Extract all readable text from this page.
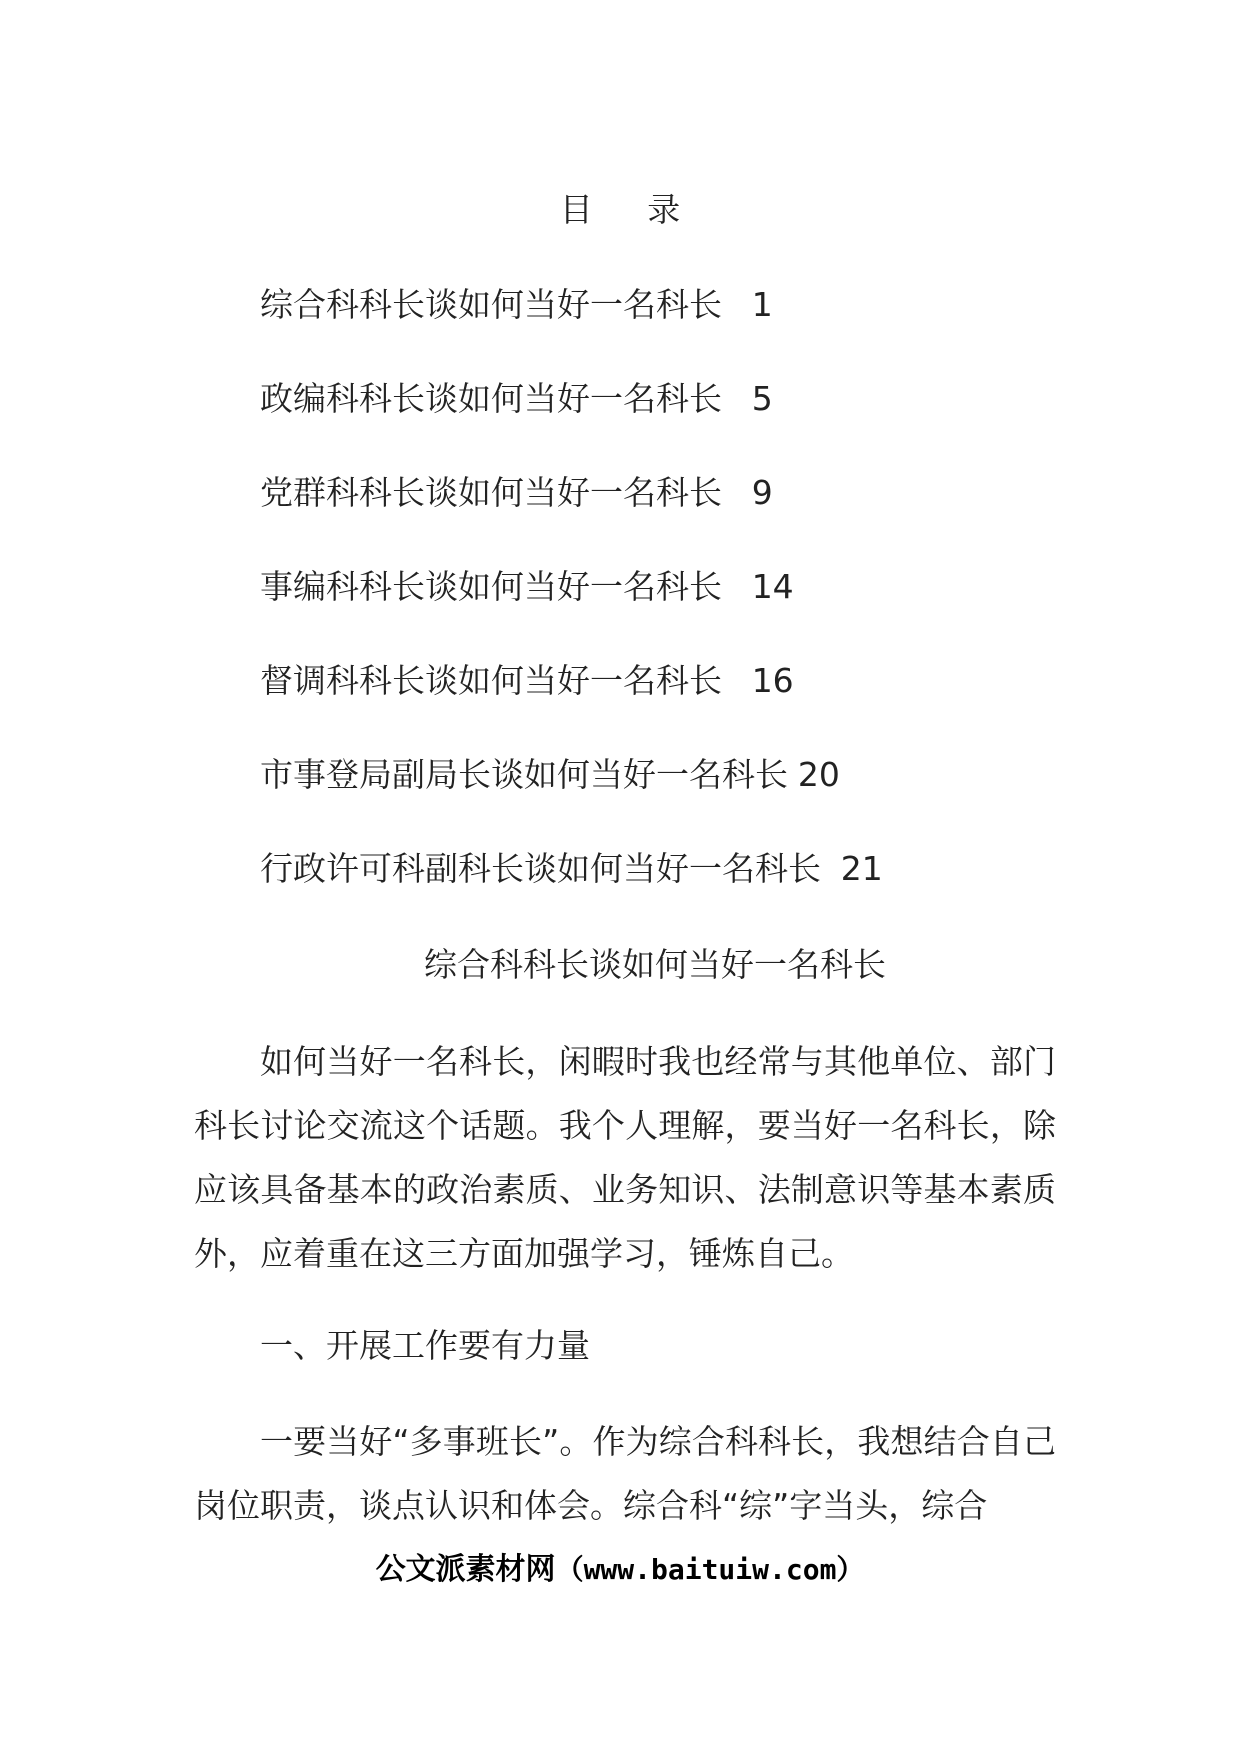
目 录
综合科科长谈如何当好一名科长 1
政编科科长谈如何当好一名科长 5
党群科科长谈如何当好一名科长 9
事编科科长谈如何当好一名科长 14
督调科科长谈如何当好一名科长 16
市事登局副局长谈如何当好一名科长 20
行政许可科副科长谈如何当好一名科长 21
综合科科长谈如何当好一名科长
如何当好一名科长，闲暇时我也经常与其他单位、部门科长讨论交流这个话题。我个人理解，要当好一名科长，除应该具备基本的政治素质、业务知识、法制意识等基本素质外，应着重在这三方面加强学习，锤炼自己。
一、开展工作要有力量
一要当好“多事班长”。作为综合科科长，我想结合自己岗位职责，谈点认识和体会。综合科“综”字当头，综合
公文派素材网（www.baituiw.com）
